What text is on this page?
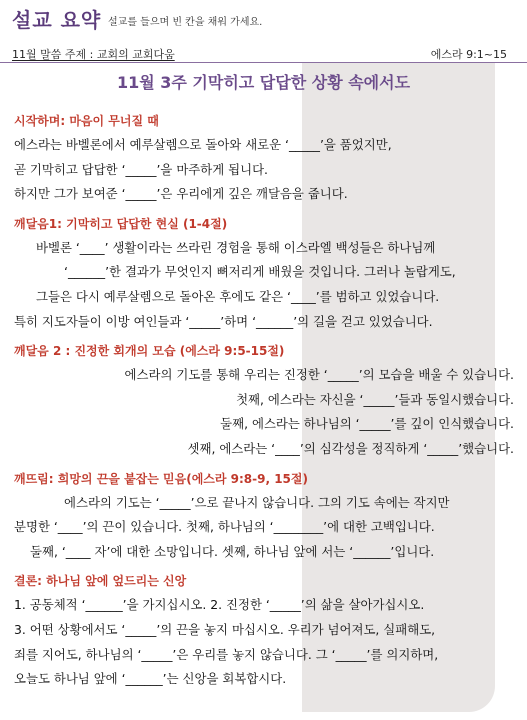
설교 요약 설교를 들으며 빈 칸을 채워 가세요.
11월 말씀 주제 : 교회의 교회다움	에스라 9:1~15
11월 3주 기막히고 답답한 상황 속에서도
시작하며: 마음이 무너질 때
에스라는 바벨론에서 예루살렘으로 돌아와 새로운 ‘_____’을 품었지만,
곧 기막히고 답답한 ‘_____’을 마주하게 됩니다.
하지만 그가 보여준 ‘_____’은 우리에게 깊은 깨달음을 줍니다.
깨달음1: 기막히고 답답한 현실 (1-4절)
바벨론 ‘____’ 생활이라는 쓰라린 경험을 통해 이스라엘 백성들은 하나님께
‘______’한 결과가 무엇인지 뼈저리게 배웠을 것입니다. 그러나 놀랍게도,
그들은 다시 예루살렘으로 돌아온 후에도 같은 ‘____’를 범하고 있었습니다.
특히 지도자들이 이방 여인들과 ‘_____’하며 ‘______’의 길을 걷고 있었습니다.
깨달음 2 : 진정한 회개의 모습 (에스라 9:5-15절)
에스라의 기도를 통해 우리는 진정한 ‘_____’의 모습을 배울 수 있습니다.
첫째, 에스라는 자신을 ‘_____’들과 동일시했습니다.
둘째, 에스라는 하나님의 ‘_____’를 깊이 인식했습니다.
셋째, 에스라는 ‘____’의 심각성을 정직하게 ‘_____’했습니다.
깨뜨림: 희망의 끈을 붙잡는 믿음(에스라 9:8-9, 15절)
에스라의 기도는 ‘_____’으로 끝나지 않습니다. 그의 기도 속에는 작지만
분명한 ‘____’의 끈이 있습니다. 첫째, 하나님의 ‘________’에 대한 고백입니다.
둘째, ‘____ 자’에 대한 소망입니다. 셋째, 하나님 앞에 서는 ‘______’입니다.
결론: 하나님 앞에 엎드리는 신앙
1. 공동체적 ‘______’을 가지십시오. 2. 진정한 ‘_____’의 삶을 살아가십시오.
3. 어떤 상황에서도 ‘_____’의 끈을 놓지 마십시오. 우리가 넘어져도, 실패해도,
죄를 지어도, 하나님의 ‘_____’은 우리를 놓지 않습니다. 그 ‘_____’를 의지하며,
오늘도 하나님 앞에 ‘______’는 신앙을 회복합시다.
